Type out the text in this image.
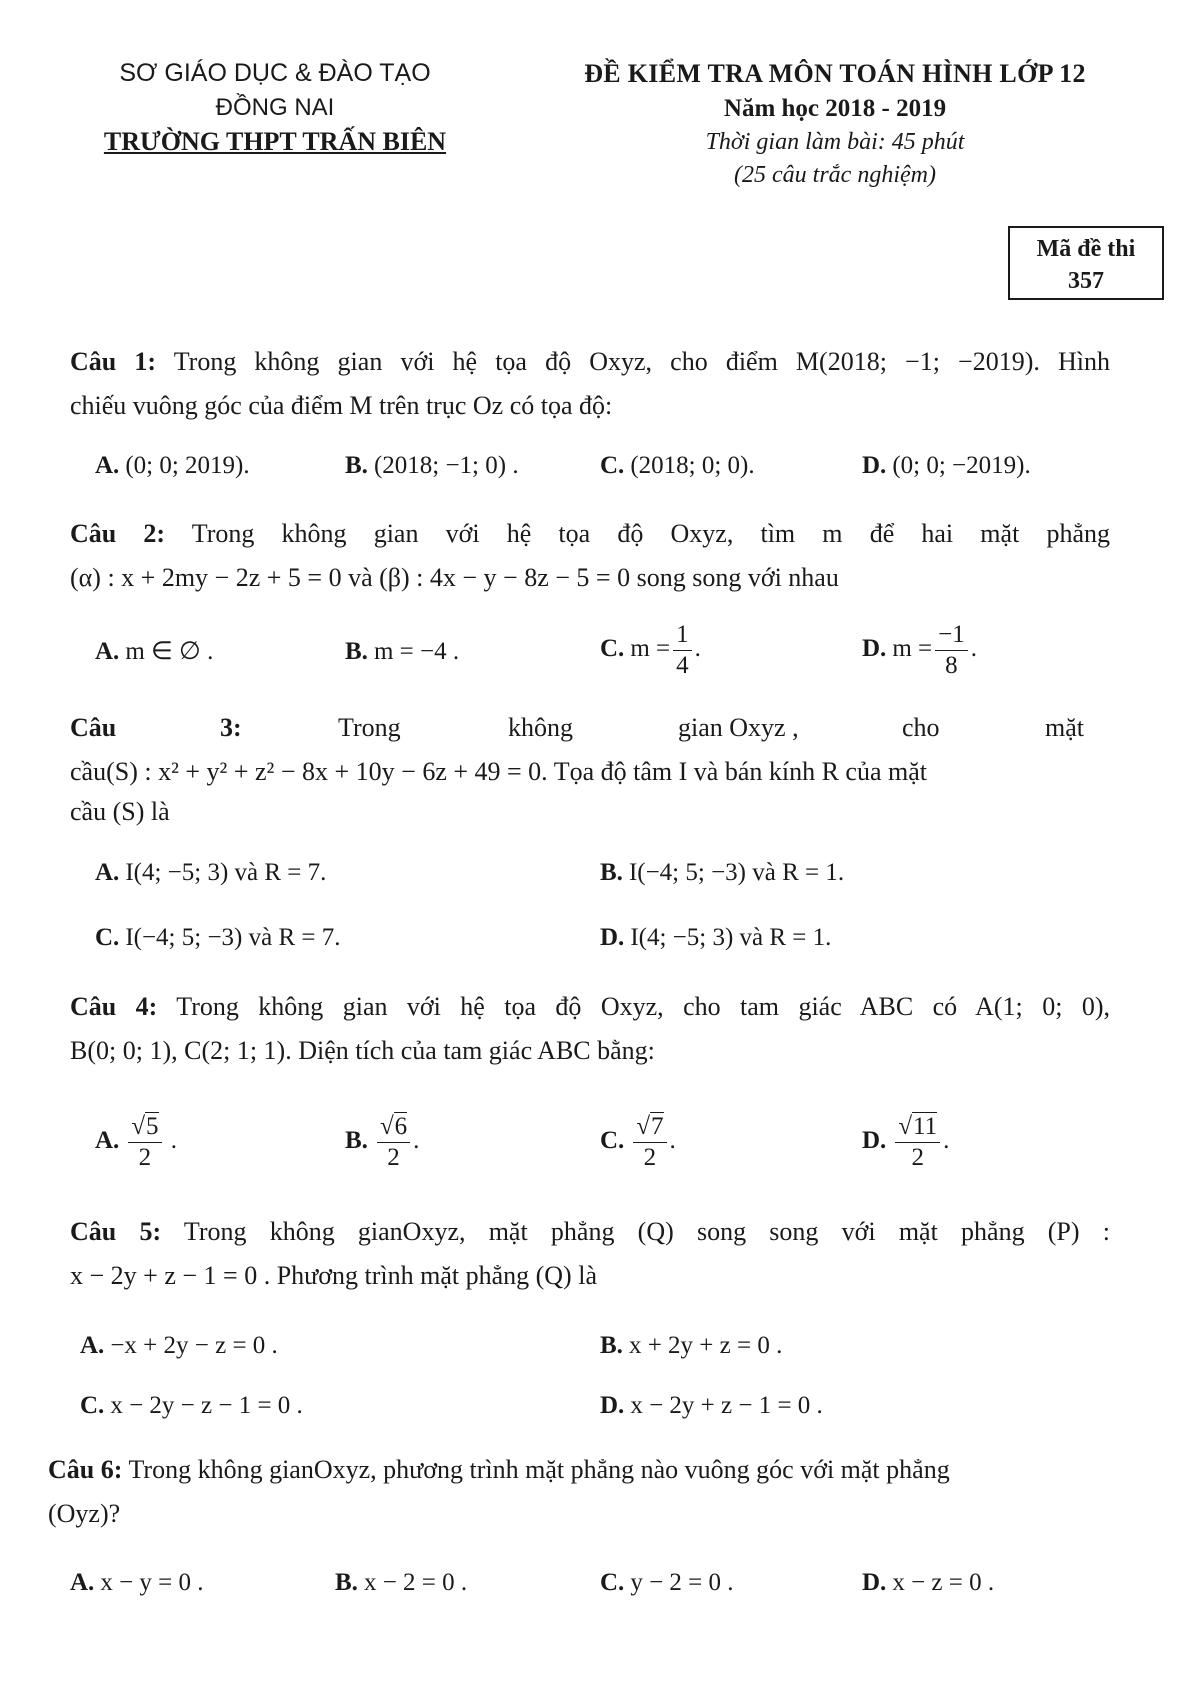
SƠ GIÁO DỤC & ĐÀO TẠO
ĐỒNG NAI
TRƯỜNG THPT TRẤN BIÊN
ĐỀ KIỂM TRA MÔN TOÁN HÌNH LỚP 12
Năm học 2018 - 2019
Thời gian làm bài: 45 phút
(25 câu trắc nghiệm)
Mã đề thi
357
Câu 1: Trong không gian với hệ tọa độ Oxyz, cho điểm M(2018; −1; −2019). Hình
chiếu vuông góc của điểm M trên trục Oz có tọa độ:
A. (0; 0; 2019).	B. (2018; −1; 0) .	C. (2018; 0; 0).	D. (0; 0; −2019).
Câu 2: Trong không gian với hệ tọa độ Oxyz, tìm m để hai mặt phẳng
(α) : x + 2my − 2z + 5 = 0 và (β) : 4x − y − 8z − 5 = 0 song song với nhau
A. m ∈ ∅ .	B. m = −4 .	C. $m = \frac{1}{4}$ .	D. $m = \frac{-1}{8}$ .
Câu	3:	Trong	không	gian Oxyz ,	cho	mặt
cầu(S) : x² + y² + z² − 8x + 10y − 6z + 49 = 0. Tọa độ tâm I và bán kính R của mặt
cầu (S) là
A. I(4; −5; 3) và R = 7.	B. I(−4; 5; −3) và R = 1.
C. I(−4; 5; −3) và R = 7.	D. I(4; −5; 3) và R = 1.
Câu 4: Trong không gian với hệ tọa độ Oxyz, cho tam giác ABC có A(1; 0; 0),
B(0; 0; 1), C(2; 1; 1). Diện tích của tam giác ABC bằng:
A. $\frac{√5}{2}$ .	B. $\frac{√6}{2}$ .	C. $\frac{√7}{2}$ .	D. $\frac{√11}{2}$ .
Câu 5: Trong không gianOxyz, mặt phẳng (Q) song song với mặt phẳng (P) :
x − 2y + z − 1 = 0 . Phương trình mặt phẳng (Q) là
A. −x + 2y − z = 0 .	B. x + 2y + z = 0 .
C. x − 2y − z − 1 = 0 .	D. x − 2y + z − 1 = 0 .
Câu 6: Trong không gianOxyz, phương trình mặt phẳng nào vuông góc với mặt phẳng
(Oyz)?
A. x − y = 0 .	B. x − 2 = 0 .	C. y − 2 = 0 .	D. x − z = 0 .
